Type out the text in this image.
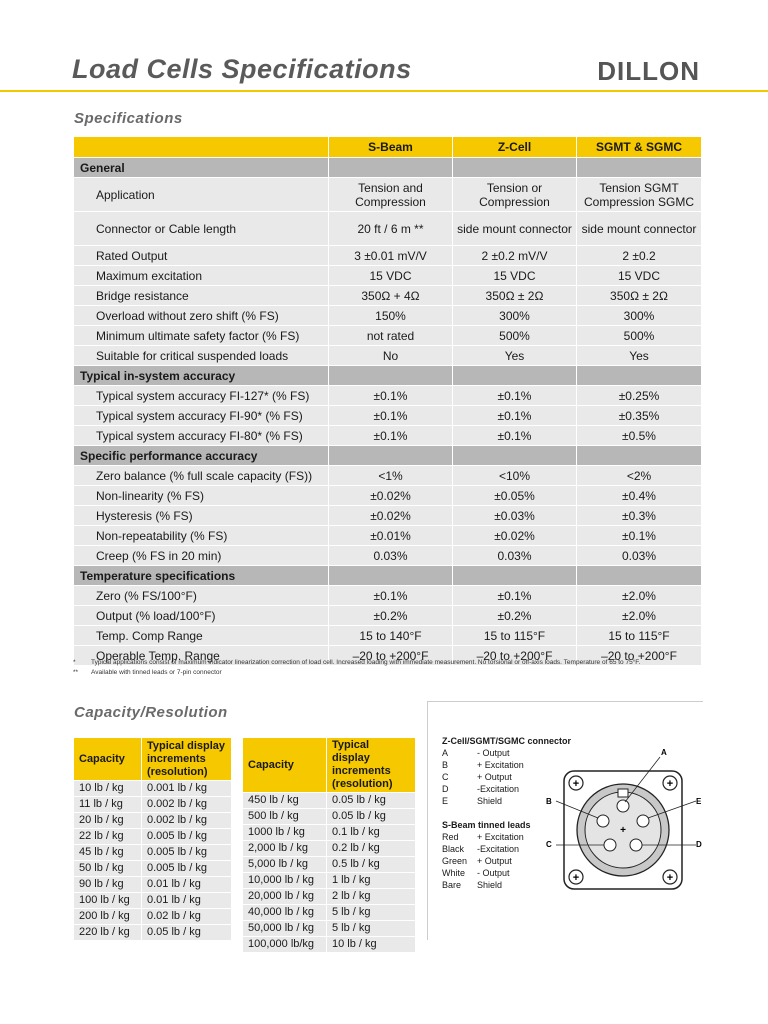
Load Cells Specifications	DILLON
Specifications
	S-Beam	Z-Cell	SGMT & SGMC
General			
Application	Tension and Compression	Tension or Compression	Tension SGMT Compression SGMC
Connector or Cable length	20 ft / 6 m **	side mount connector	side mount connector
Rated Output	3 ±0.01 mV/V	2 ±0.2 mV/V	2 ±0.2
Maximum excitation	15 VDC	15 VDC	15 VDC
Bridge resistance	350Ω + 4Ω	350Ω ± 2Ω	350Ω ± 2Ω
Overload without zero shift (% FS)	150%	300%	300%
Minimum ultimate safety factor (% FS)	not rated	500%	500%
Suitable for critical suspended loads	No	Yes	Yes
Typical in-system accuracy			
Typical system accuracy FI-127* (% FS)	±0.1%	±0.1%	±0.25%
Typical system accuracy FI-90* (% FS)	±0.1%	±0.1%	±0.35%
Typical system accuracy FI-80* (% FS)	±0.1%	±0.1%	±0.5%
Specific performance accuracy			
Zero balance (% full scale capacity (FS))	<1%	<10%	<2%
Non-linearity (% FS)	±0.02%	±0.05%	±0.4%
Hysteresis (% FS)	±0.02%	±0.03%	±0.3%
Non-repeatability (% FS)	±0.01%	±0.02%	±0.1%
Creep (% FS in 20 min)	0.03%	0.03%	0.03%
Temperature specifications			
Zero (% FS/100°F)	±0.1%	±0.1%	±2.0%
Output (% load/100°F)	±0.2%	±0.2%	±2.0%
Temp. Comp Range	15 to 140°F	15 to 115°F	15 to 115°F
Operable Temp. Range	–20 to +200°F	–20 to +200°F	–20 to +200°F
* Typical applications consist of maximum indicator linearization correction of load cell. Increased loading with immediate measurement. No torsional or off-axis loads. Temperature of 65 to 75°F.
** Available with tinned leads or 7-pin connector
Capacity/Resolution
Capacity	Typical display increments (resolution)
10 lb / kg	0.001 lb / kg
11 lb / kg	0.002 lb / kg
20 lb / kg	0.002 lb / kg
22 lb / kg	0.005 lb / kg
45 lb / kg	0.005 lb / kg
50 lb / kg	0.005 lb / kg
90 lb / kg	0.01 lb / kg
100 lb / kg	0.01 lb / kg
200 lb / kg	0.02 lb / kg
220 lb / kg	0.05 lb / kg
Capacity	Typical display increments (resolution)
450 lb / kg	0.05 lb / kg
500 lb / kg	0.05 lb / kg
1000 lb / kg	0.1 lb / kg
2,000 lb / kg	0.2 lb / kg
5,000 lb / kg	0.5 lb / kg
10,000 lb / kg	1 lb / kg
20,000 lb / kg	2 lb / kg
40,000 lb / kg	5 lb / kg
50,000 lb / kg	5 lb / kg
100,000 lb/kg	10 lb / kg
Z-Cell/SGMT/SGMC connector
A	- Output
B	+ Excitation
C	+ Output
D	-Excitation
E	Shield
S-Beam tinned leads
Red + Excitation
Black -Excitation
Green + Output
White - Output
Bare Shield
+	+
+	+
+
A
B
C	D
E
